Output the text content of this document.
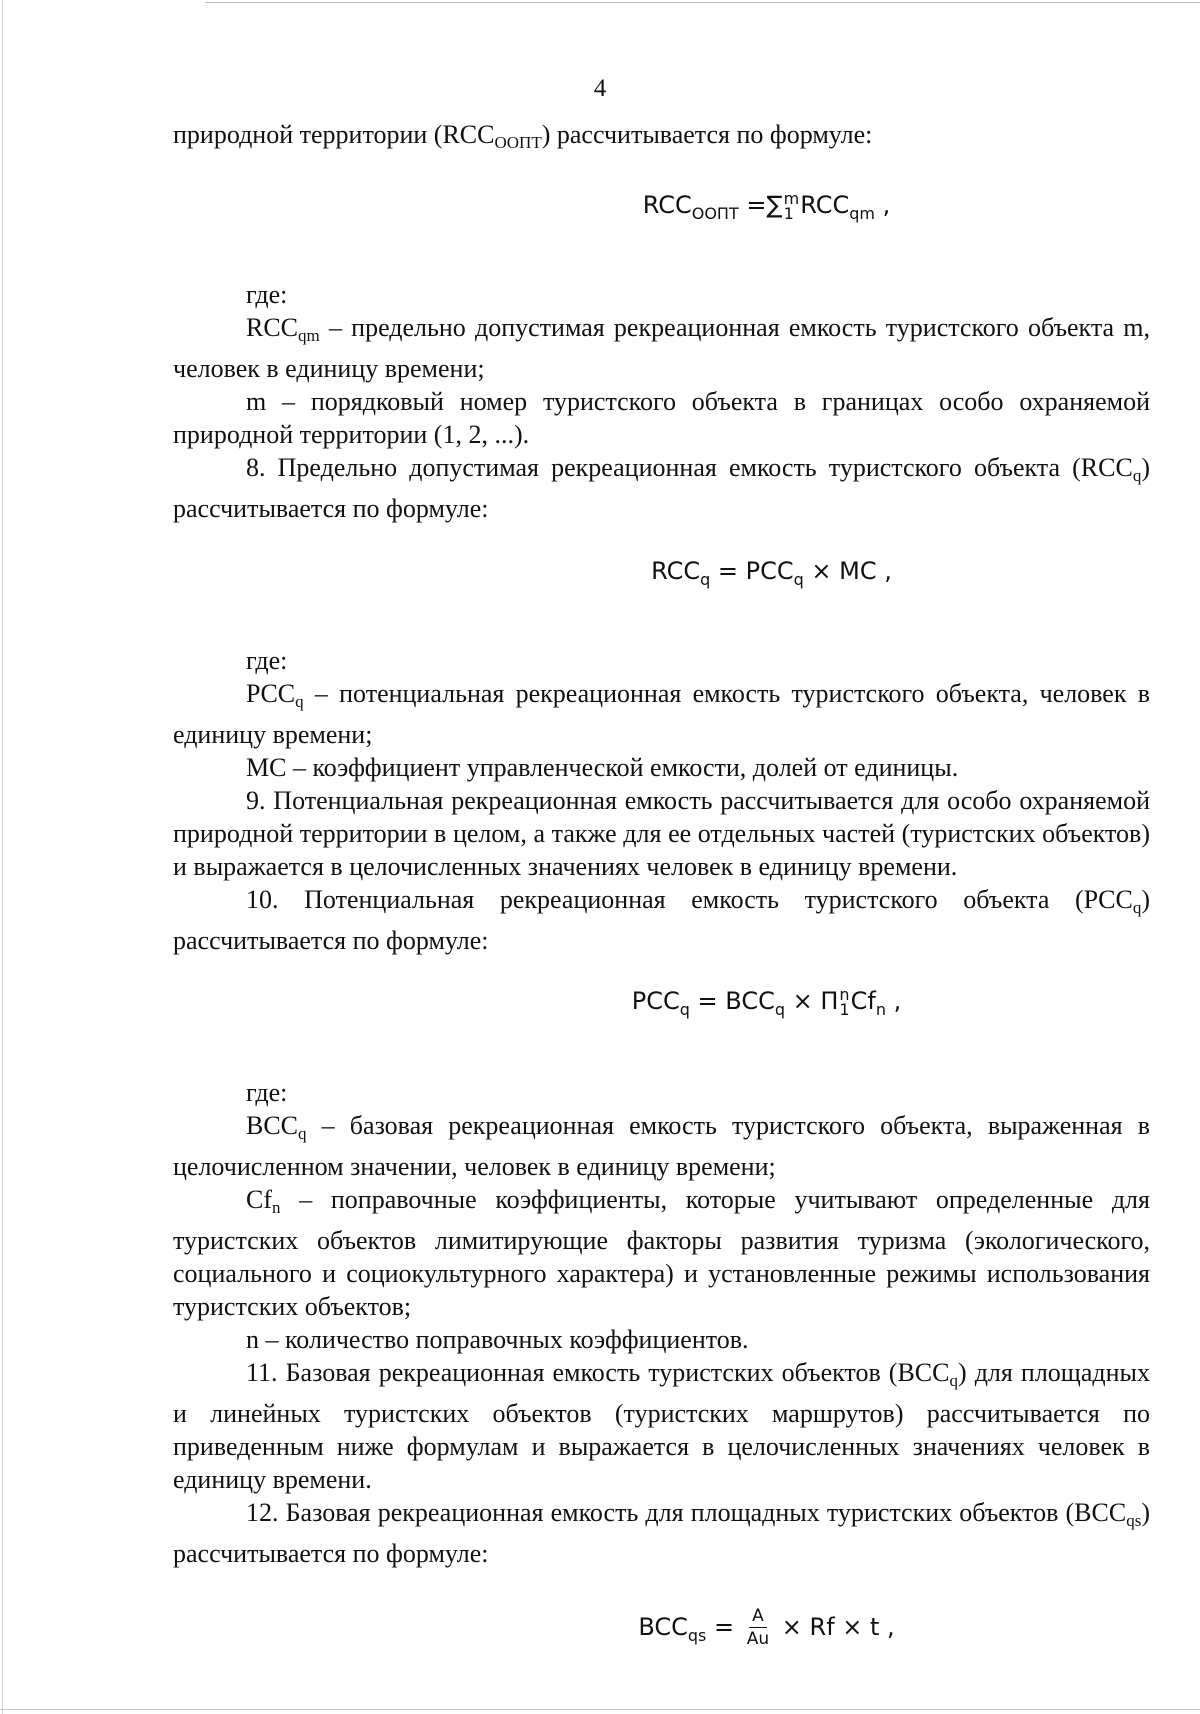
4

природной территории (RCCООПТ) рассчитывается по формуле:

$RCC_{ООПТ}$ =∑ m
1 $RCC_{qm}$ ,

где:

RCCqm – предельно допустимая рекреационная емкость туристского объекта m, человек в единицу времени;

m – порядковый номер туристского объекта в границах особо охраняемой природной территории (1, 2, ...).

8. Предельно допустимая рекреационная емкость туристского объекта (RCCq) рассчитывается по формуле:

$RCC_q = PCC_q$ × MC ,

где:

PCCq – потенциальная рекреационная емкость туристского объекта, человек в единицу времени;

MC – коэффициент управленческой емкости, долей от единицы.

9. Потенциальная рекреационная емкость рассчитывается для особо охраняемой природной территории в целом, а также для ее отдельных частей (туристских объектов) и выражается в целочисленных значениях человек в единицу времени.

10. Потенциальная рекреационная емкость туристского объекта (PCCq) рассчитывается по формуле:

$PCC_q = BCC_q \times \Pi$ n
1 $Cf_n$ ,

где:

BCCq – базовая рекреационная емкость туристского объекта, выраженная в целочисленном значении, человек в единицу времени;

Cfn – поправочные коэффициенты, которые учитывают определенные для туристских объектов лимитирующие факторы развития туризма (экологического, социального и социокультурного характера) и установленные режимы использования туристских объектов;

n – количество поправочных коэффициентов.

11. Базовая рекреационная емкость туристских объектов (BCCq) для площадных и линейных туристских объектов (туристских маршрутов) рассчитывается по приведенным ниже формулам и выражается в целочисленных значениях человек в единицу времени.

12. Базовая рекреационная емкость для площадных туристских объектов (BCCqs) рассчитывается по формуле:

$BCC_{qs} = \frac{A}{Au} \times Rf \times t$ ,
